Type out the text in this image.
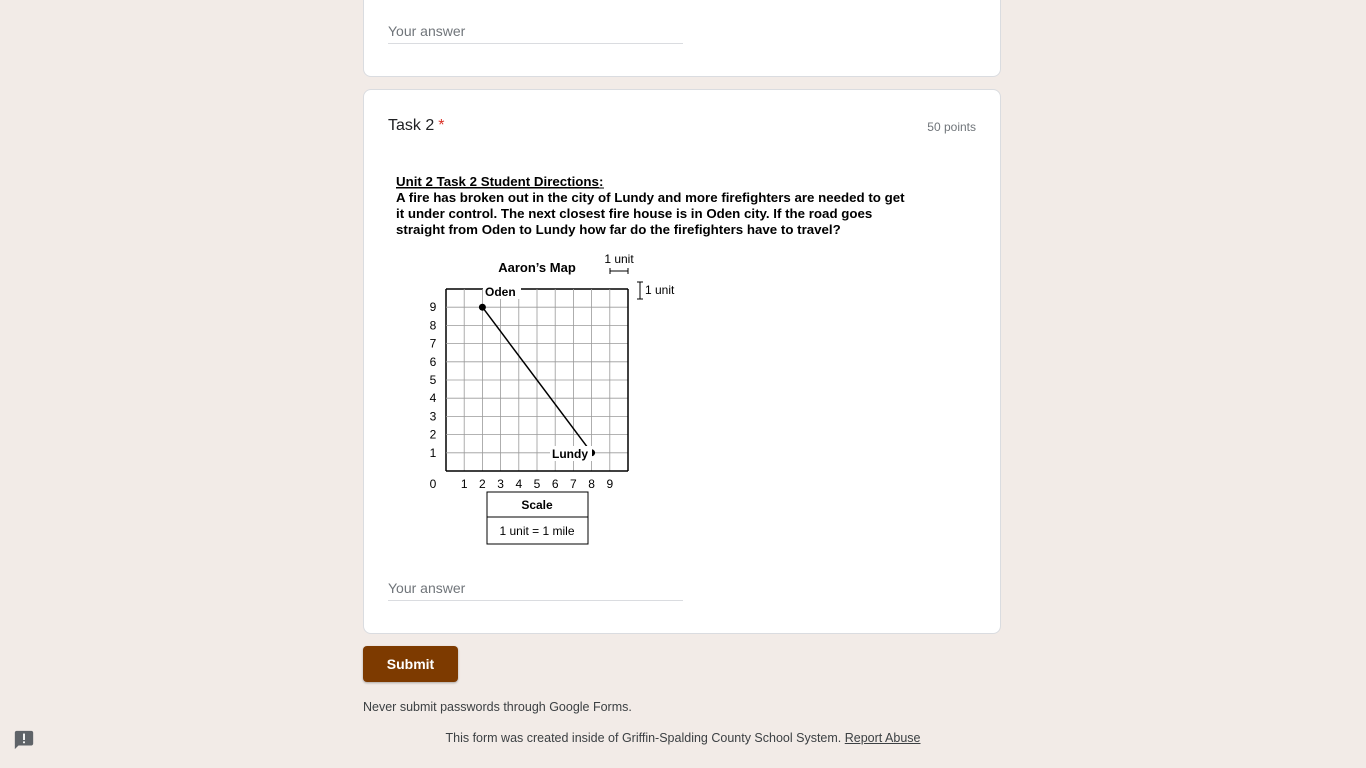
Your answer
Task 2 *	50 points
Unit 2 Task 2 Student Directions:
A fire has broken out in the city of Lundy and more firefighters are needed to get
it under control. The next closest fire house is in Oden city. If the road goes
straight from Oden to Lundy how far do the firefighters have to travel?
Aaron’s Map
1 unit
1 unit
0 1 2 3 4 5 6 7 8 9
9
8
7
6
5
4
3
2
1
Oden
Lundy
Scale
1 unit = 1 mile
Your answer
Submit
Never submit passwords through Google Forms.
This form was created inside of Griffin-Spalding County School System. Report Abuse
